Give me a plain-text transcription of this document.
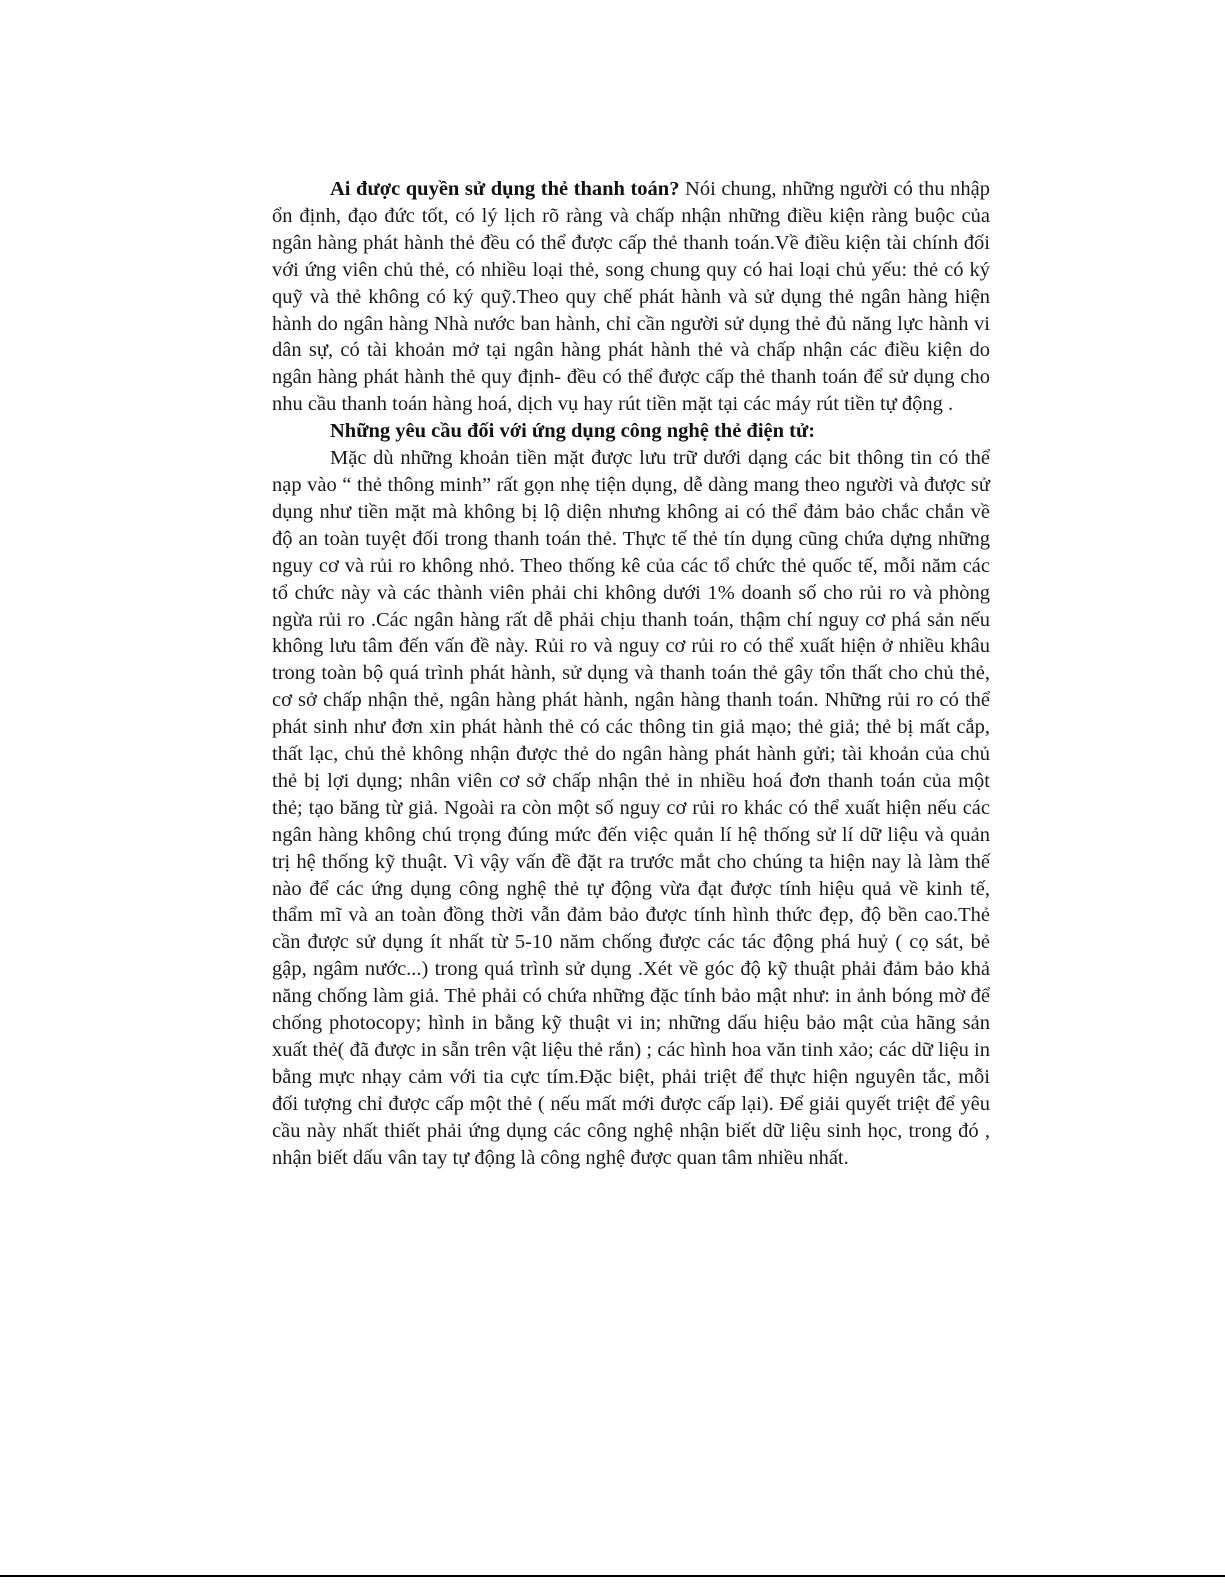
Ai được quyền sử dụng thẻ thanh toán? Nói chung, những người có thu nhập ổn định, đạo đức tốt, có lý lịch rõ ràng và chấp nhận những điều kiện ràng buộc của ngân hàng phát hành thẻ đều có thể được cấp thẻ thanh toán.Về điều kiện tài chính đối với ứng viên chủ thẻ, có nhiều loại thẻ, song chung quy có hai loại chủ yếu: thẻ có ký quỹ và thẻ không có ký quỹ.Theo quy chế phát hành và sử dụng thẻ ngân hàng hiện hành do ngân hàng Nhà nước ban hành, chỉ cần người sử dụng thẻ đủ năng lực hành vi dân sự, có tài khoản mở tại ngân hàng phát hành thẻ và chấp nhận các điều kiện do ngân hàng phát hành thẻ quy định- đều có thể được cấp thẻ thanh toán để sử dụng cho nhu cầu thanh toán hàng hoá, dịch vụ hay rút tiền mặt tại các máy rút tiền tự động .

Những yêu cầu đối với ứng dụng công nghệ thẻ điện tử:

Mặc dù những khoản tiền mặt được lưu trữ dưới dạng các bit thông tin có thể nạp vào “ thẻ thông minh” rất gọn nhẹ tiện dụng, dễ dàng mang theo người và được sử dụng như tiền mặt mà không bị lộ diện nhưng không ai có thể đảm bảo chắc chắn về độ an toàn tuyệt đối trong thanh toán thẻ. Thực tế thẻ tín dụng cũng chứa dựng những nguy cơ và rủi ro không nhỏ. Theo thống kê của các tổ chức thẻ quốc tế, mỗi năm các tổ chức này và các thành viên phải chi không dưới 1% doanh số cho rủi ro và phòng ngừa rủi ro .Các ngân hàng rất dễ phải chịu thanh toán, thậm chí nguy cơ phá sản nếu không lưu tâm đến vấn đề này. Rủi ro và nguy cơ rủi ro có thể xuất hiện ở nhiều khâu trong toàn bộ quá trình phát hành, sử dụng và thanh toán thẻ gây tổn thất cho chủ thẻ, cơ sở chấp nhận thẻ, ngân hàng phát hành, ngân hàng thanh toán. Những rủi ro có thể phát sinh như đơn xin phát hành thẻ có các thông tin giả mạo; thẻ giả; thẻ bị mất cắp, thất lạc, chủ thẻ không nhận được thẻ do ngân hàng phát hành gửi; tài khoản của chủ thẻ bị lợi dụng; nhân viên cơ sở chấp nhận thẻ in nhiều hoá đơn thanh toán của một thẻ; tạo băng từ giả. Ngoài ra còn một số nguy cơ rủi ro khác có thể xuất hiện nếu các ngân hàng không chú trọng đúng mức đến việc quản lí hệ thống sử lí dữ liệu và quản trị hệ thống kỹ thuật. Vì vậy vấn đề đặt ra trước mắt cho chúng ta hiện nay là làm thế nào để các ứng dụng công nghệ thẻ tự động vừa đạt được tính hiệu quả về kinh tế, thẩm mĩ và an toàn đồng thời vẫn đảm bảo được tính hình thức đẹp, độ bền cao.Thẻ cần được sử dụng ít nhất từ 5-10 năm chống được các tác động phá huỷ ( cọ sát, bẻ gập, ngâm nước...) trong quá trình sử dụng .Xét về góc độ kỹ thuật phải đảm bảo khả năng chống làm giả. Thẻ phải có chứa những đặc tính bảo mật như: in ảnh bóng mờ để chống photocopy; hình in bằng kỹ thuật vi in; những dấu hiệu bảo mật của hãng sản xuất thẻ( đã được in sẵn trên vật liệu thẻ rắn) ; các hình hoa văn tinh xảo; các dữ liệu in bằng mực nhạy cảm với tia cực tím.Đặc biệt, phải triệt để thực hiện nguyên tắc, mỗi đối tượng chỉ được cấp một thẻ ( nếu mất mới được cấp lại). Để giải quyết triệt để yêu cầu này nhất thiết phải ứng dụng các công nghệ nhận biết dữ liệu sinh học, trong đó , nhận biết dấu vân tay tự động là công nghệ được quan tâm nhiều nhất.
